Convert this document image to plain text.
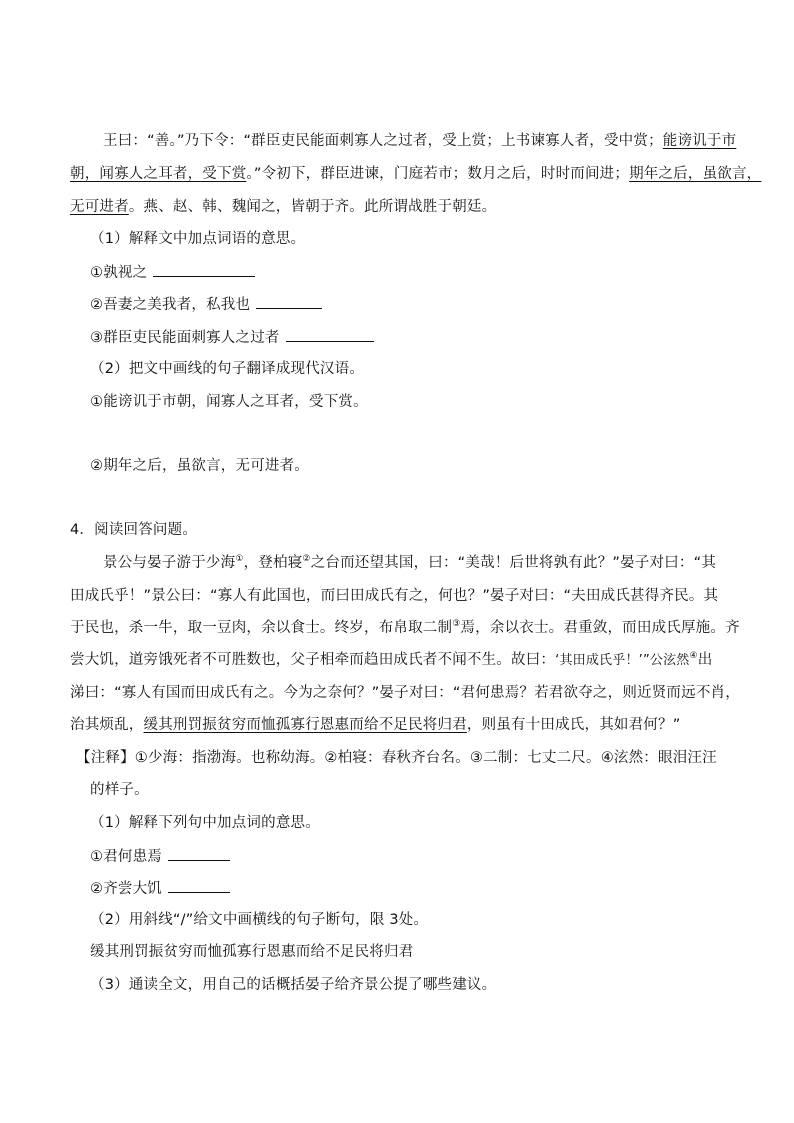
王曰：“善。”乃下令：“群臣吏民能面刺寡人之过者，受上赏；上书谏寡人者，受中赏；能谤讥于市
朝，闻寡人之耳者，受下赏。”令初下，群臣进谏，门庭若市；数月之后，时时而间进；期年之后，虽欲言，
无可进者。燕、赵、韩、魏闻之，皆朝于齐。此所谓战胜于朝廷。
（1）解释文中加点词语的意思。
①孰视之
②吾妻之美我者，私我也
③群臣吏民能面刺寡人之过者
（2）把文中画线的句子翻译成现代汉语。
①能谤讥于市朝，闻寡人之耳者，受下赏。
②期年之后，虽欲言，无可进者。
4．阅读回答问题。
景公与晏子游于少海①，登柏寝②之台而还望其国，曰：“美哉！后世将孰有此？”晏子对曰：“其
田成氏乎！”景公曰：“寡人有此国也，而曰田成氏有之，何也？”晏子对曰：“夫田成氏甚得齐民。其
于民也，杀一牛，取一豆肉，余以食士。终岁，布帛取二制③焉，余以衣士。君重敛，而田成氏厚施。齐
尝大饥，道旁饿死者不可胜数也，父子相牵而趋田成氏者不闻不生。故曰：‘其田成氏乎！’”公泫然④出
涕曰：“寡人有国而田成氏有之。今为之奈何？”晏子对曰：“君何患焉？若君欲夺之，则近贤而远不肖，
治其烦乱，缓其刑罚振贫穷而恤孤寡行恩惠而给不足民将归君，则虽有十田成氏，其如君何？”
【注释】①少海：指渤海。也称幼海。②柏寝：春秋齐台名。③二制：七丈二尺。④泫然：眼泪汪汪
的样子。
（1）解释下列句中加点词的意思。
①君何患焉
②齐尝大饥
（2）用斜线“/”给文中画横线的句子断句，限 3处。
缓其刑罚振贫穷而恤孤寡行恩惠而给不足民将归君
（3）通读全文，用自己的话概括晏子给齐景公提了哪些建议。
